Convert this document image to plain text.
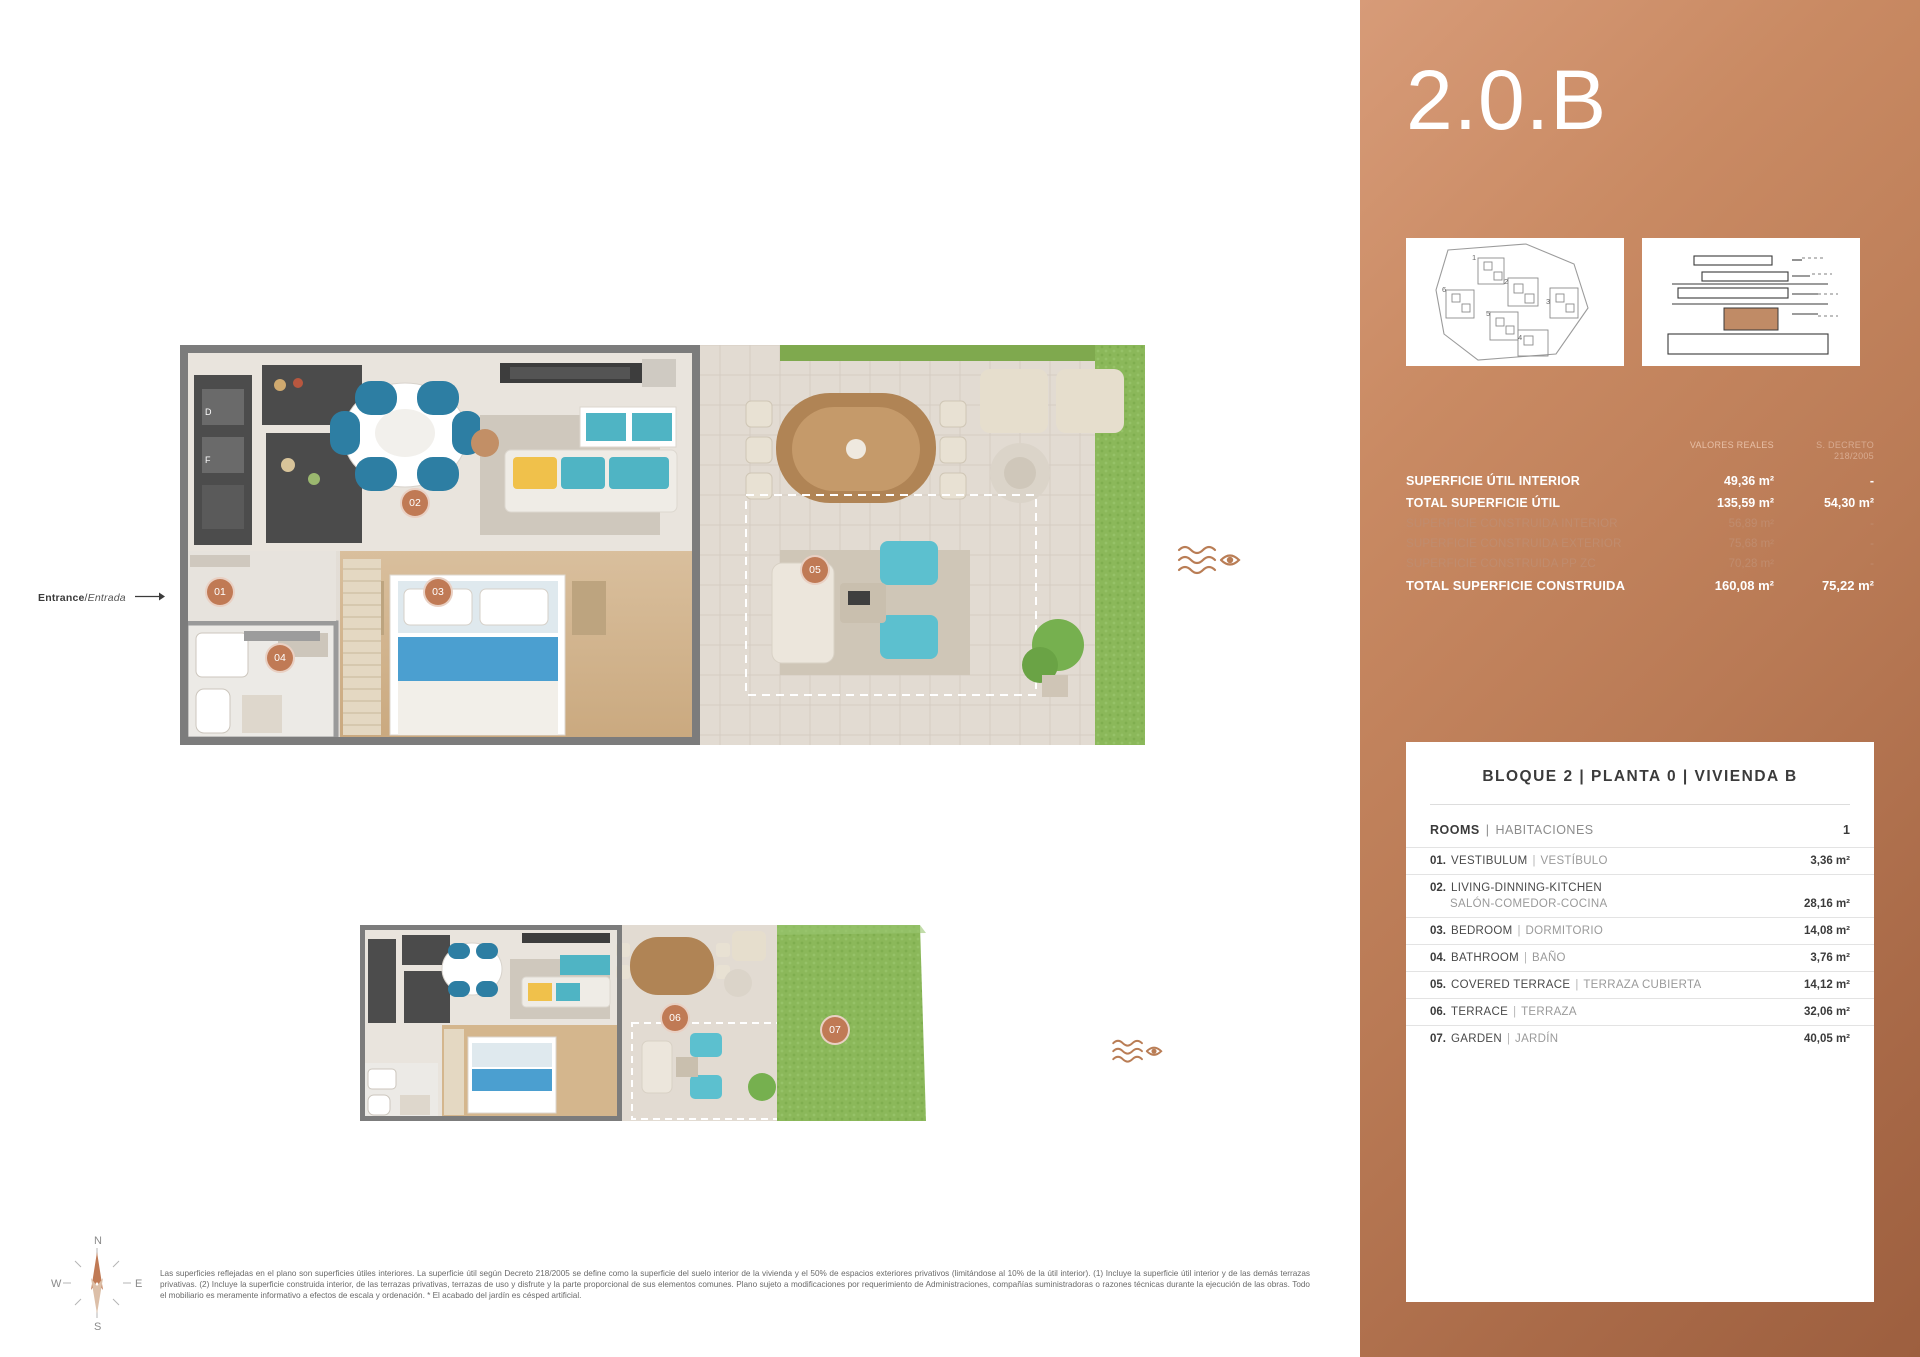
D
F
01
02
03
04
05
06
07
Entrance/Entrada
N
S
E
W
Las superficies reflejadas en el plano son superficies útiles interiores. La superficie útil según Decreto 218/2005 se define como la superficie del suelo interior de la vivienda y el 50% de espacios exteriores privativos (limitándose al 10% de la útil interior). (1) Incluye la superficie útil interior y de las demás terrazas privativas. (2) Incluye la superficie construida interior, de las terrazas privativas, terrazas de uso y disfrute y la parte proporcional de sus elementos comunes. Plano sujeto a modificaciones por requerimiento de Administraciones, compañías suministradoras o razones técnicas durante la ejecución de las obras. Todo el mobiliario es meramente informativo a efectos de escala y ordenación. * El acabado del jardín es césped artificial.
2.0.B
1
2
3
4
5
6
VALORES REALES	S. DECRETO 218/2005
SUPERFICIE ÚTIL INTERIOR	49,36 m²	-
TOTAL SUPERFICIE ÚTIL	135,59 m²	54,30 m²
SUPERFICIE CONSTRUIDA INTERIOR	56,89 m²	-
SUPERFICIE CONSTRUIDA EXTERIOR	75,68 m²	-
SUPERFICIE CONSTRUIDA PP ZC	70,28 m²	-
TOTAL SUPERFICIE CONSTRUIDA	160,08 m²	75,22 m²
BLOQUE 2 | PLANTA 0 | VIVIENDA B
ROOMS | HABITACIONES	1
01. VESTIBULUM | VESTÍBULO	3,36 m²
02. LIVING-DINNING-KITCHEN
SALÓN-COMEDOR-COCINA	28,16 m²
03. BEDROOM | DORMITORIO	14,08 m²
04. BATHROOM | BAÑO	3,76 m²
05. COVERED TERRACE | TERRAZA CUBIERTA	14,12 m²
06. TERRACE | TERRAZA	32,06 m²
07. GARDEN | JARDÍN	40,05 m²
